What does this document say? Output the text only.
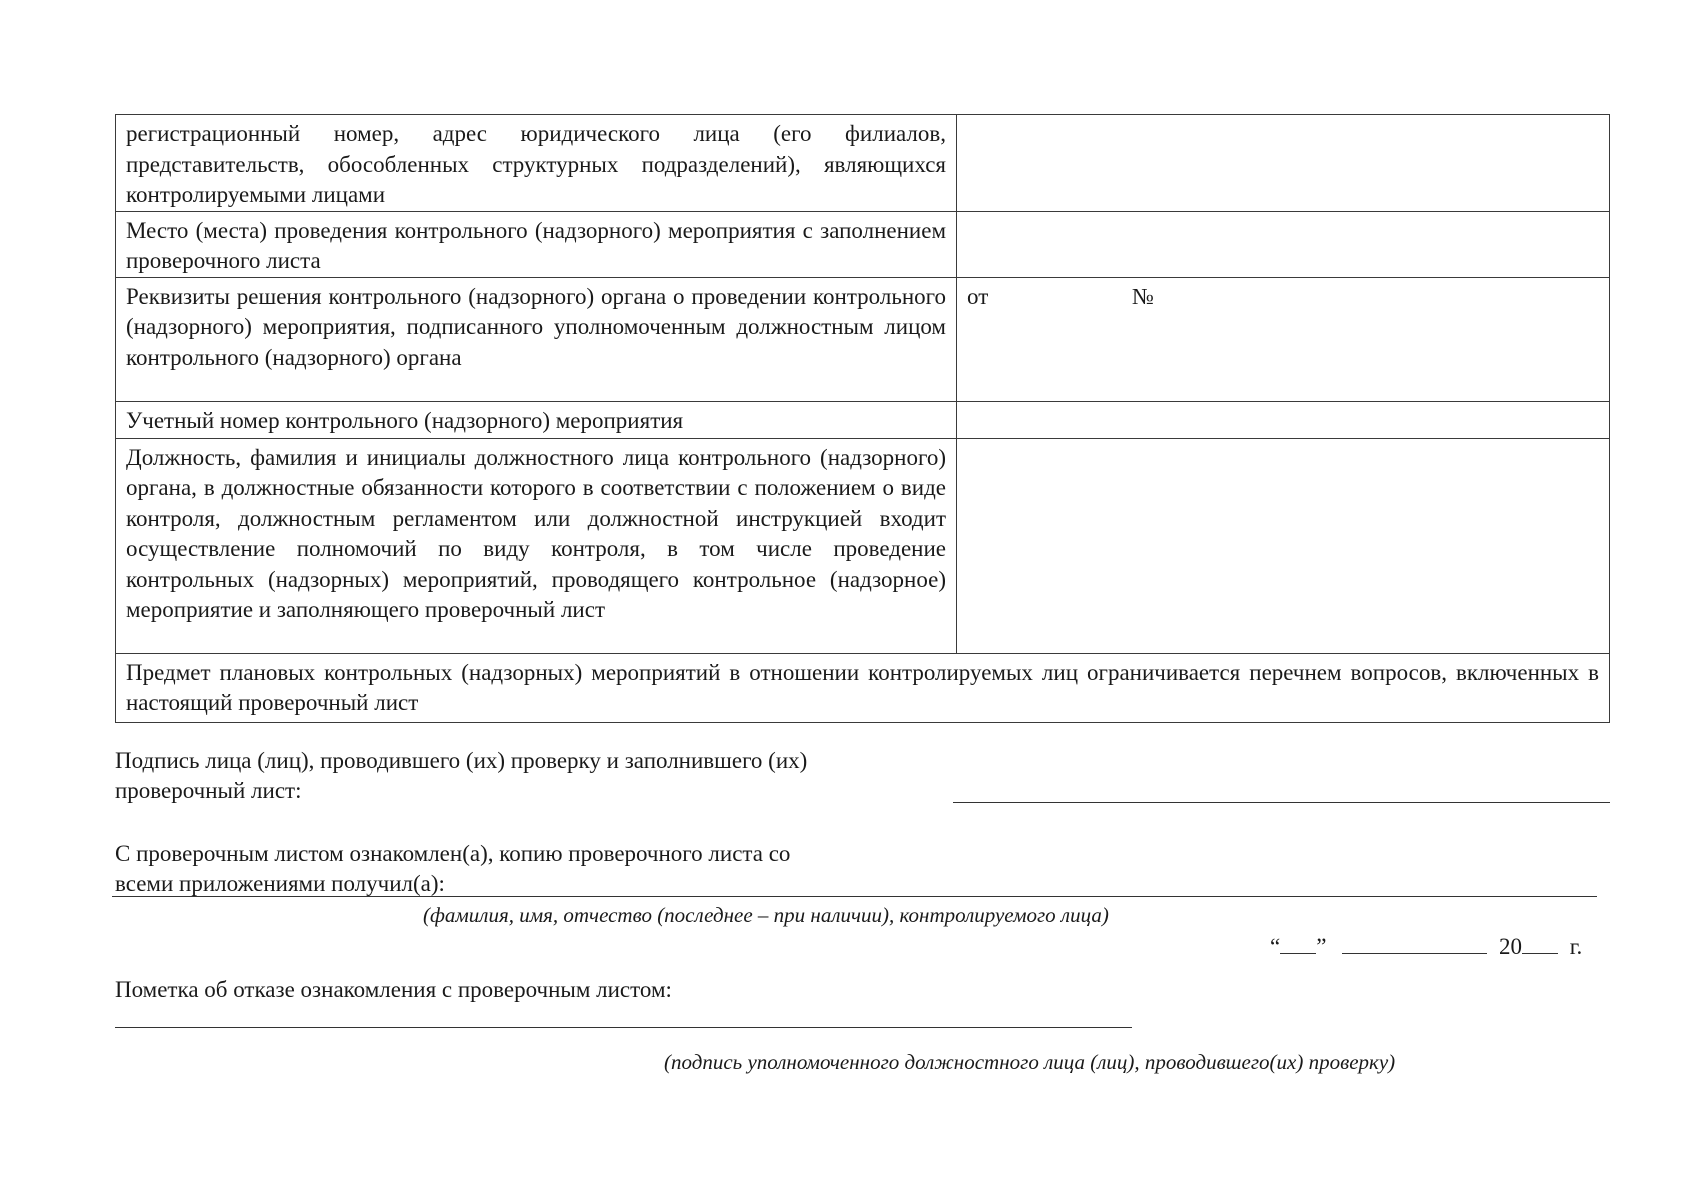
регистрационный номер, адрес юридического лица (его филиалов, представительств, обособленных структурных подразделений), являющихся контролируемыми лицами	
Место (места) проведения контрольного (надзорного) мероприятия с заполнением проверочного листа	
Реквизиты решения контрольного (надзорного) органа о проведении контрольного (надзорного) мероприятия, подписанного уполномоченным должностным лицом контрольного (надзорного) органа	от №
Учетный номер контрольного (надзорного) мероприятия	
Должность, фамилия и инициалы должностного лица контрольного (надзорного) органа, в должностные обязанности которого в соответствии с положением о виде контроля, должностным регламентом или должностной инструкцией входит осуществление полномочий по виду контроля, в том числе проведение контрольных (надзорных) мероприятий, проводящего контрольное (надзорное) мероприятие и заполняющего проверочный лист	
Предмет плановых контрольных (надзорных) мероприятий в отношении контролируемых лиц ограничивается перечнем вопросов, включенных в настоящий проверочный лист	
Подпись лица (лиц), проводившего (их) проверку и заполнившего (их)
проверочный лист:
С проверочным листом ознакомлен(а), копию проверочного листа со
всеми приложениями получил(а):
(фамилия, имя, отчество (последнее – при наличии), контролируемого лица)
“ ”	20 г.
Пометка об отказе ознакомления с проверочным листом:
(подпись уполномоченного должностного лица (лиц), проводившего(их) проверку)
